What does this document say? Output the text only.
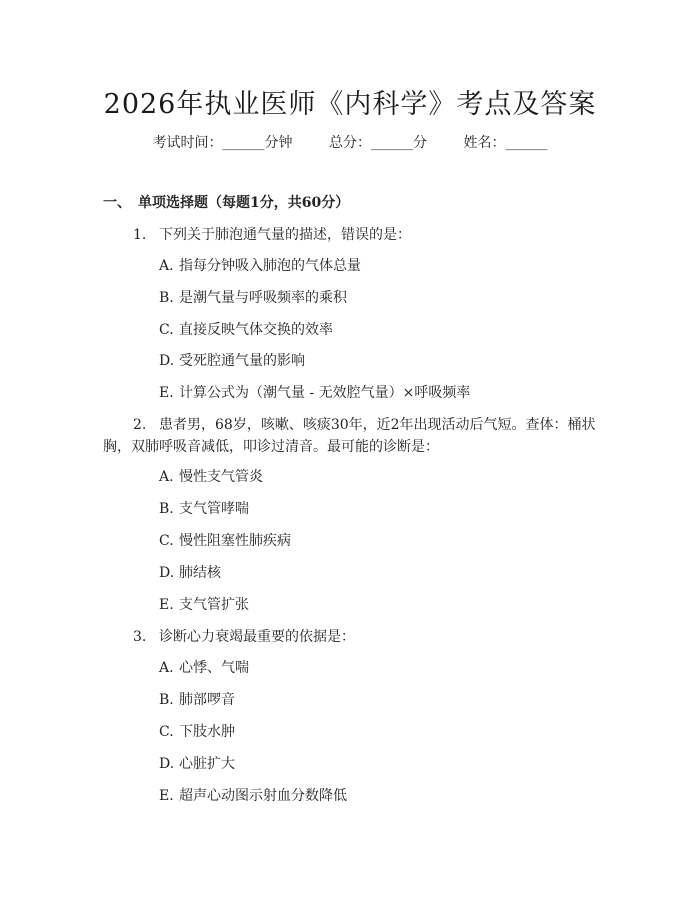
2026年执业医师《内科学》考点及答案
考试时间：______分钟	总分：______分	姓名：______
一、 单项选择题（每题1分，共60分）
1. 下列关于肺泡通气量的描述，错误的是：
A. 指每分钟吸入肺泡的气体总量
B. 是潮气量与呼吸频率的乘积
C. 直接反映气体交换的效率
D. 受死腔通气量的影响
E. 计算公式为（潮气量 - 无效腔气量）×呼吸频率
2. 患者男，68岁，咳嗽、咳痰30年，近2年出现活动后气短。查体：桶状胸，双肺呼吸音减低，叩诊过清音。最可能的诊断是：
A. 慢性支气管炎
B. 支气管哮喘
C. 慢性阻塞性肺疾病
D. 肺结核
E. 支气管扩张
3. 诊断心力衰竭最重要的依据是：
A. 心悸、气喘
B. 肺部啰音
C. 下肢水肿
D. 心脏扩大
E. 超声心动图示射血分数降低
